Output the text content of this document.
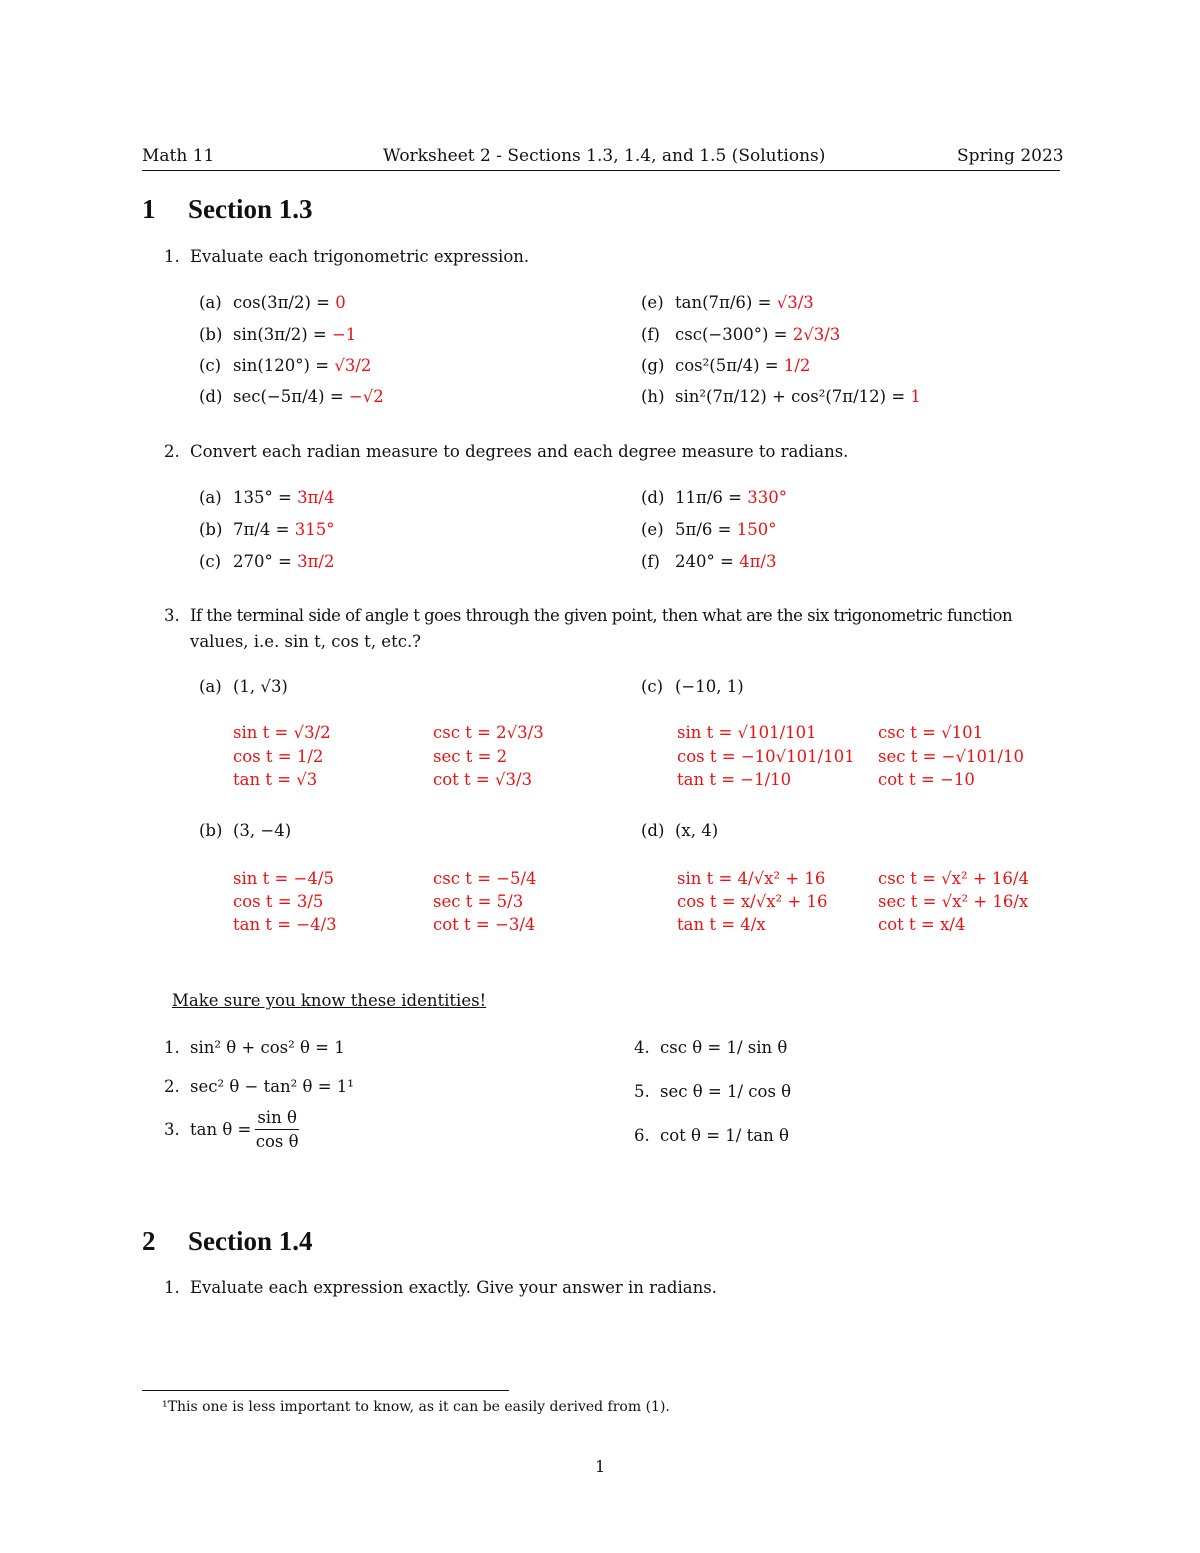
Math 11	Worksheet 2 - Sections 1.3, 1.4, and 1.5 (Solutions)	Spring 2023
1 Section 1.3
1. Evaluate each trigonometric expression.
(a) cos(3π/2) = 0
(b) sin(3π/2) = −1
(c) sin(120°) = √3/2
(d) sec(−5π/4) = −√2
(e) tan(7π/6) = √3/3
(f) csc(−300°) = 2√3/3
(g) cos²(5π/4) = 1/2
(h) sin²(7π/12) + cos²(7π/12) = 1
2. Convert each radian measure to degrees and each degree measure to radians.
(a) 135° = 3π/4
(b) 7π/4 = 315°
(c) 270° = 3π/2
(d) 11π/6 = 330°
(e) 5π/6 = 150°
(f) 240° = 4π/3
3. If the terminal side of angle t goes through the given point, then what are the six trigonometric function
values, i.e. sin t, cos t, etc.?
(a) (1, √3)
sin t = √3/2
cos t = 1/2
tan t = √3
csc t = 2√3/3
sec t = 2
cot t = √3/3
(b) (3, −4)
sin t = −4/5
cos t = 3/5
tan t = −4/3
csc t = −5/4
sec t = 5/3
cot t = −3/4
(c) (−10, 1)
sin t = √101/101
cos t = −10√101/101
tan t = −1/10
csc t = √101
sec t = −√101/10
cot t = −10
(d) (x, 4)
sin t = 4/√x² + 16
cos t = x/√x² + 16
tan t = 4/x
csc t = √x² + 16/4
sec t = √x² + 16/x
cot t = x/4
Make sure you know these identities!
1. sin² θ + cos² θ = 1
2. sec² θ − tan² θ = 1¹
3. $\tan \theta = \frac{\text{sin θ}}{\text{cos θ}}$
4. csc θ = 1/ sin θ
5. sec θ = 1/ cos θ
6. cot θ = 1/ tan θ
2 Section 1.4
1. Evaluate each expression exactly. Give your answer in radians.
¹This one is less important to know, as it can be easily derived from (1).
1
